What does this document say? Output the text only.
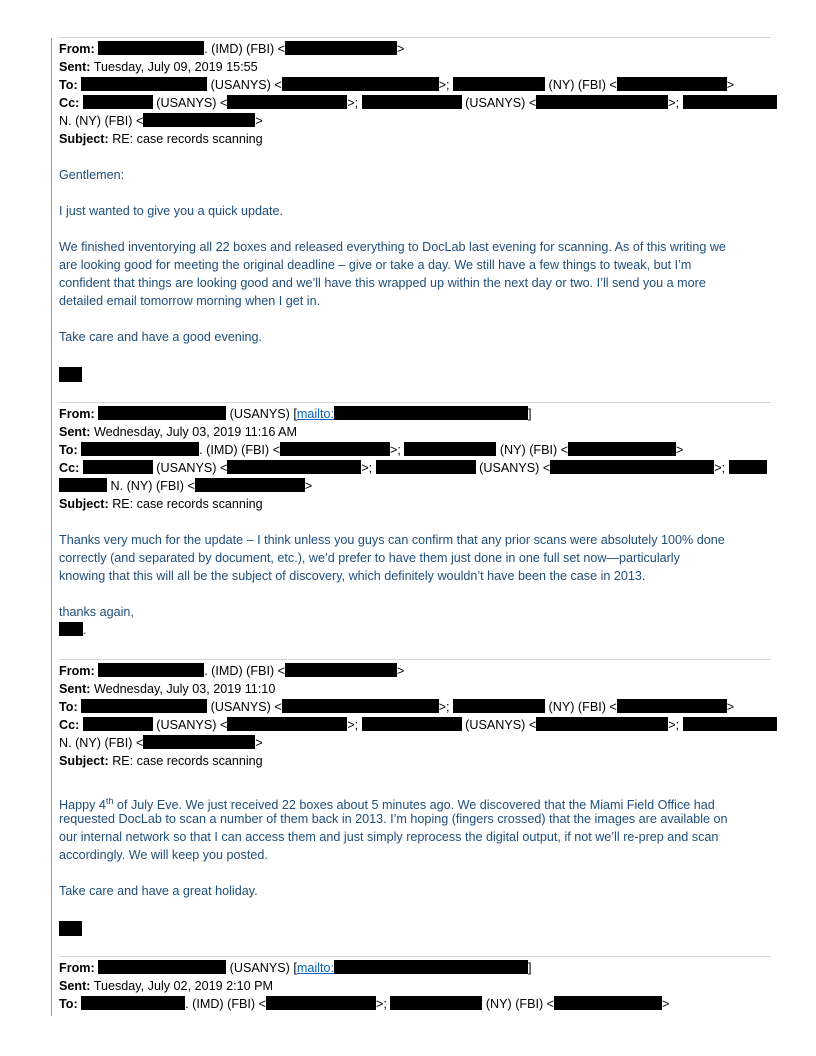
From:	. (IMD) (FBI) <	>
Sent: Tuesday, July 09, 2019 15:55
To:	(USANYS) <	>;	(NY) (FBI) <	>
Cc:	(USANYS) <	>;	(USANYS) <	>;
N. (NY) (FBI) <	>
Subject: RE: case records scanning
Gentlemen:
I just wanted to give you a quick update.
We finished inventorying all 22 boxes and released everything to DocLab last evening for scanning. As of this writing we
are looking good for meeting the original deadline – give or take a day. We still have a few things to tweak, but I’m
confident that things are looking good and we’ll have this wrapped up within the next day or two. I’ll send you a more
detailed email tomorrow morning when I get in.
Take care and have a good evening.
From:	(USANYS) [mailto:	]
Sent: Wednesday, July 03, 2019 11:16 AM
To:	. (IMD) (FBI) <	>;	(NY) (FBI) <	>
Cc:	(USANYS) <	>;	(USANYS) <	>;
N. (NY) (FBI) <	>
Subject: RE: case records scanning
Thanks very much for the update – I think unless you guys can confirm that any prior scans were absolutely 100% done
correctly (and separated by document, etc.), we’d prefer to have them just done in one full set now—particularly
knowing that this will all be the subject of discovery, which definitely wouldn’t have been the case in 2013.
thanks again,
.
From:	. (IMD) (FBI) <	>
Sent: Wednesday, July 03, 2019 11:10
To:	(USANYS) <	>;	(NY) (FBI) <	>
Cc:	(USANYS) <	>;	(USANYS) <	>;
N. (NY) (FBI) <	>
Subject: RE: case records scanning
Happy 4th of July Eve. We just received 22 boxes about 5 minutes ago. We discovered that the Miami Field Office had
requested DocLab to scan a number of them back in 2013. I’m hoping (fingers crossed) that the images are available on
our internal network so that I can access them and just simply reprocess the digital output, if not we’ll re-prep and scan
accordingly. We will keep you posted.
Take care and have a great holiday.
From:	(USANYS) [mailto:	]
Sent: Tuesday, July 02, 2019 2:10 PM
To:	. (IMD) (FBI) <	>;	(NY) (FBI) <	>
